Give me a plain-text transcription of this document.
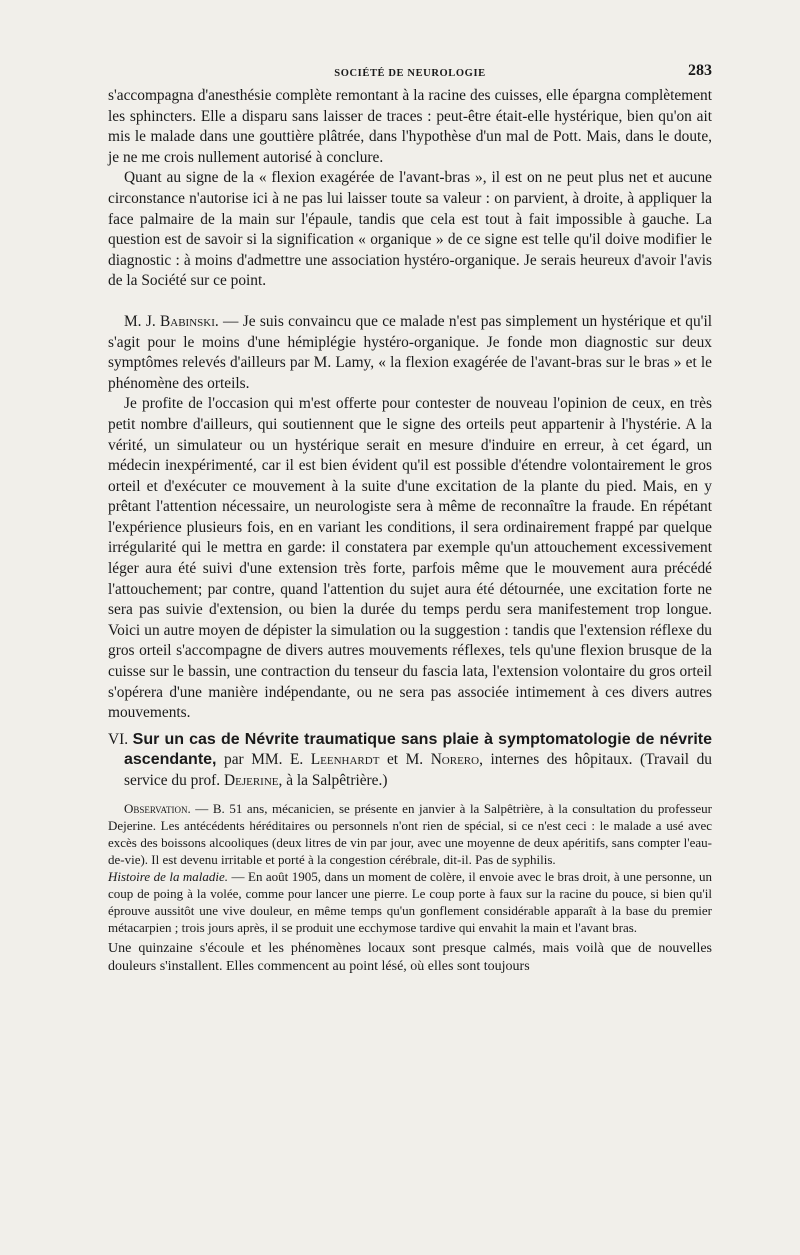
SOCIÉTÉ DE NEUROLOGIE	283

s'accompagna d'anesthésie complète remontant à la racine des cuisses, elle épargna complètement les sphincters. Elle a disparu sans laisser de traces : peut-être était-elle hystérique, bien qu'on ait mis le malade dans une gouttière plâtrée, dans l'hypothèse d'un mal de Pott. Mais, dans le doute, je ne me crois nullement autorisé à conclure.

Quant au signe de la « flexion exagérée de l'avant-bras », il est on ne peut plus net et aucune circonstance n'autorise ici à ne pas lui laisser toute sa valeur : on parvient, à droite, à appliquer la face palmaire de la main sur l'épaule, tandis que cela est tout à fait impossible à gauche. La question est de savoir si la signification « organique » de ce signe est telle qu'il doive modifier le diagnostic : à moins d'admettre une association hystéro-organique. Je serais heureux d'avoir l'avis de la Société sur ce point.

M. J. Babinski. — Je suis convaincu que ce malade n'est pas simplement un hystérique et qu'il s'agit pour le moins d'une hémiplégie hystéro-organique. Je fonde mon diagnostic sur deux symptômes relevés d'ailleurs par M. Lamy, « la flexion exagérée de l'avant-bras sur le bras » et le phénomène des orteils.

Je profite de l'occasion qui m'est offerte pour contester de nouveau l'opinion de ceux, en très petit nombre d'ailleurs, qui soutiennent que le signe des orteils peut appartenir à l'hystérie. A la vérité, un simulateur ou un hystérique serait en mesure d'induire en erreur, à cet égard, un médecin inexpérimenté, car il est bien évident qu'il est possible d'étendre volontairement le gros orteil et d'exécuter ce mouvement à la suite d'une excitation de la plante du pied. Mais, en y prêtant l'attention nécessaire, un neurologiste sera à même de reconnaître la fraude. En répétant l'expérience plusieurs fois, en en variant les conditions, il sera ordinairement frappé par quelque irrégularité qui le mettra en garde: il constatera par exemple qu'un attouchement excessivement léger aura été suivi d'une extension très forte, parfois même que le mouvement aura précédé l'attouchement; par contre, quand l'attention du sujet aura été détournée, une excitation forte ne sera pas suivie d'extension, ou bien la durée du temps perdu sera manifestement trop longue. Voici un autre moyen de dépister la simulation ou la suggestion : tandis que l'extension réflexe du gros orteil s'accompagne de divers autres mouvements réflexes, tels qu'une flexion brusque de la cuisse sur le bassin, une contraction du tenseur du fascia lata, l'extension volontaire du gros orteil s'opérera d'une manière indépendante, ou ne sera pas associée intimement à ces divers autres mouvements.

VI. Sur un cas de Névrite traumatique sans plaie à symptomatologie de névrite ascendante, par MM. E. Leenhardt et M. Norero, internes des hôpitaux. (Travail du service du prof. Dejerine, à la Salpêtrière.)

Observation. — B. 51 ans, mécanicien, se présente en janvier à la Salpêtrière, à la consultation du professeur Dejerine. Les antécédents héréditaires ou personnels n'ont rien de spécial, si ce n'est ceci : le malade a usé avec excès des boissons alcooliques (deux litres de vin par jour, avec une moyenne de deux apéritifs, sans compter l'eau-de-vie). Il est devenu irritable et porté à la congestion cérébrale, dit-il. Pas de syphilis.

Histoire de la maladie. — En août 1905, dans un moment de colère, il envoie avec le bras droit, à une personne, un coup de poing à la volée, comme pour lancer une pierre. Le coup porte à faux sur la racine du pouce, si bien qu'il éprouve aussitôt une vive douleur, en même temps qu'un gonflement considérable apparaît à la base du premier métacarpien ; trois jours après, il se produit une ecchymose tardive qui envahit la main et l'avant bras.

Une quinzaine s'écoule et les phénomènes locaux sont presque calmés, mais voilà que de nouvelles douleurs s'installent. Elles commencent au point lésé, où elles sont toujours
